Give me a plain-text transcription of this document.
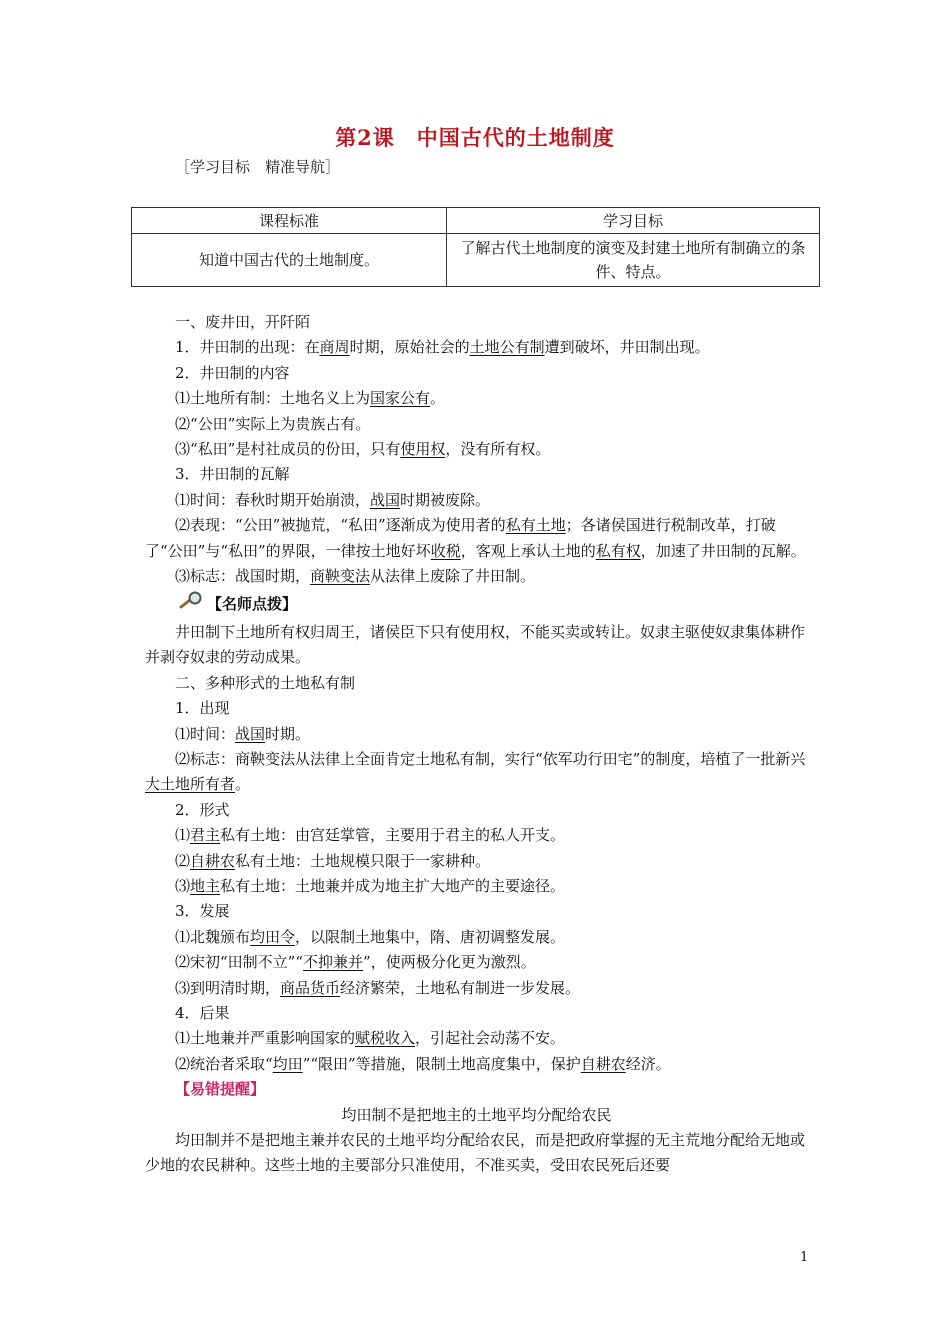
第2课　中国古代的土地制度
［学习目标　精准导航］
课程标准	学习目标
知道中国古代的土地制度。	了解古代土地制度的演变及封建土地所有制确立的条件、特点。

一、废井田，开阡陌

1．井田制的出现：在商周时期，原始社会的土地公有制遭到破坏，井田制出现。

2．井田制的内容

⑴土地所有制：土地名义上为国家公有。

⑵“公田”实际上为贵族占有。

⑶“私田”是村社成员的份田，只有使用权，没有所有权。

3．井田制的瓦解

⑴时间：春秋时期开始崩溃，战国时期被废除。

⑵表现：“公田”被抛荒，“私田”逐渐成为使用者的私有土地；各诸侯国进行税制改革，打破了“公田”与“私田”的界限，一律按土地好坏收税，客观上承认土地的私有权，加速了井田制的瓦解。

⑶标志：战国时期，商鞅变法从法律上废除了井田制。

【名师点拨】

井田制下土地所有权归周王，诸侯臣下只有使用权，不能买卖或转让。奴隶主驱使奴隶集体耕作并剥夺奴隶的劳动成果。

二、多种形式的土地私有制

1．出现

⑴时间：战国时期。

⑵标志：商鞅变法从法律上全面肯定土地私有制，实行“依军功行田宅”的制度，培植了一批新兴大土地所有者。

2．形式

⑴君主私有土地：由宫廷掌管，主要用于君主的私人开支。

⑵自耕农私有土地：土地规模只限于一家耕种。

⑶地主私有土地：土地兼并成为地主扩大地产的主要途径。

3．发展

⑴北魏颁布均田令，以限制土地集中，隋、唐初调整发展。

⑵宋初“田制不立”“不抑兼并”，使两极分化更为激烈。

⑶到明清时期，商品货币经济繁荣，土地私有制进一步发展。

4．后果

⑴土地兼并严重影响国家的赋税收入，引起社会动荡不安。

⑵统治者采取“均田”“限田”等措施，限制土地高度集中，保护自耕农经济。

【易错提醒】

均田制不是把地主的土地平均分配给农民

均田制并不是把地主兼并农民的土地平均分配给农民，而是把政府掌握的无主荒地分配给无地或少地的农民耕种。这些土地的主要部分只准使用，不准买卖，受田农民死后还要

1
